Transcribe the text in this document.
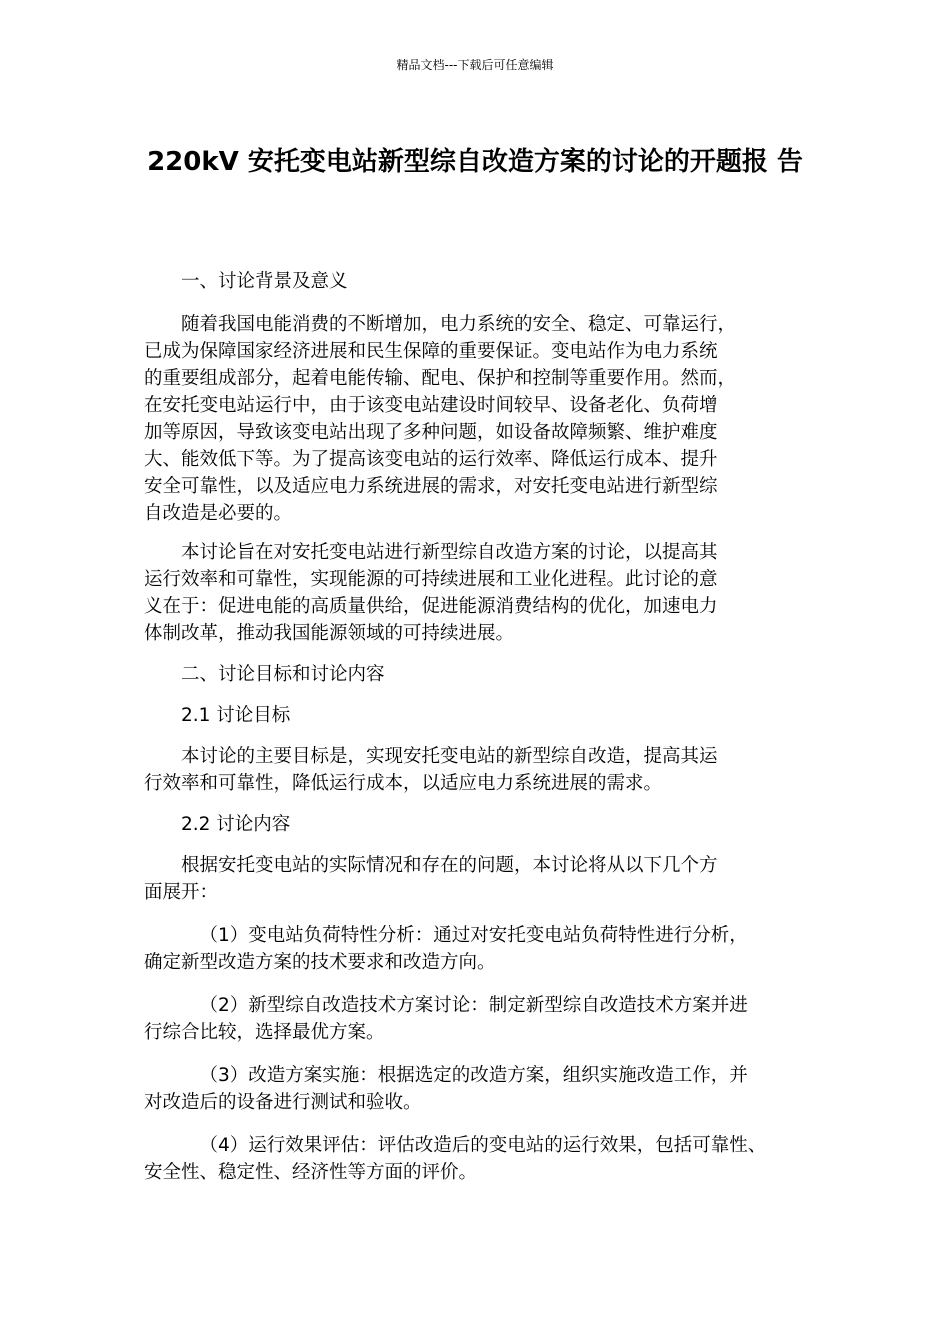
精品文档---下载后可任意编辑
220kV 安托变电站新型综自改造方案的讨论的开题报 告

一、讨论背景及意义

随着我国电能消费的不断增加，电力系统的安全、稳定、可靠运行，
已成为保障国家经济进展和民生保障的重要保证。变电站作为电力系统
的重要组成部分，起着电能传输、配电、保护和控制等重要作用。然而，
在安托变电站运行中，由于该变电站建设时间较早、设备老化、负荷增
加等原因，导致该变电站出现了多种问题，如设备故障频繁、维护难度
大、能效低下等。为了提高该变电站的运行效率、降低运行成本、提升
安全可靠性，以及适应电力系统进展的需求，对安托变电站进行新型综
自改造是必要的。

本讨论旨在对安托变电站进行新型综自改造方案的讨论，以提高其
运行效率和可靠性，实现能源的可持续进展和工业化进程。此讨论的意
义在于：促进电能的高质量供给，促进能源消费结构的优化，加速电力
体制改革，推动我国能源领域的可持续进展。

二、讨论目标和讨论内容

2.1 讨论目标

本讨论的主要目标是，实现安托变电站的新型综自改造，提高其运
行效率和可靠性，降低运行成本，以适应电力系统进展的需求。

2.2 讨论内容

根据安托变电站的实际情况和存在的问题，本讨论将从以下几个方
面展开：

（1）变电站负荷特性分析：通过对安托变电站负荷特性进行分析，
确定新型改造方案的技术要求和改造方向。

（2）新型综自改造技术方案讨论：制定新型综自改造技术方案并进
行综合比较，选择最优方案。

（3）改造方案实施：根据选定的改造方案，组织实施改造工作，并
对改造后的设备进行测试和验收。

（4）运行效果评估：评估改造后的变电站的运行效果，包括可靠性、
安全性、稳定性、经济性等方面的评价。
